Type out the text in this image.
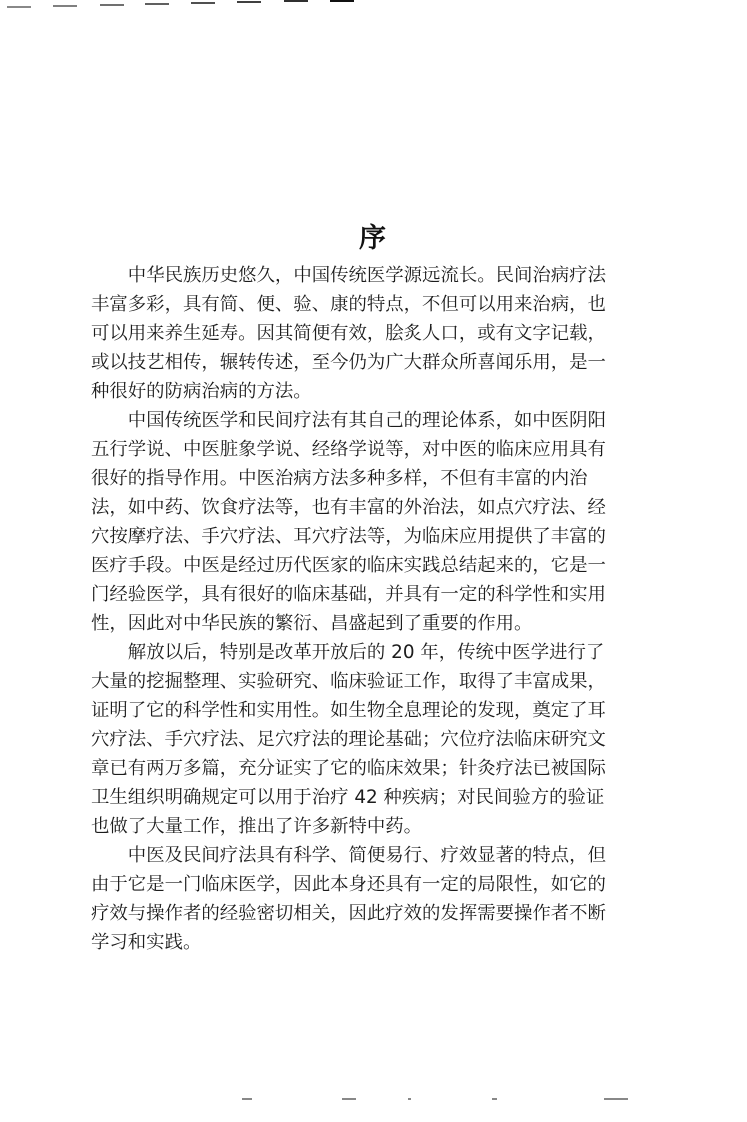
序

中华民族历史悠久，中国传统医学源远流长。民间治病疗法
丰富多彩，具有简、便、验、康的特点，不但可以用来治病，也
可以用来养生延寿。因其简便有效，脍炙人口，或有文字记载，
或以技艺相传，辗转传述，至今仍为广大群众所喜闻乐用，是一
种很好的防病治病的方法。

中国传统医学和民间疗法有其自己的理论体系，如中医阴阳
五行学说、中医脏象学说、经络学说等，对中医的临床应用具有
很好的指导作用。中医治病方法多种多样，不但有丰富的内治
法，如中药、饮食疗法等，也有丰富的外治法，如点穴疗法、经
穴按摩疗法、手穴疗法、耳穴疗法等，为临床应用提供了丰富的
医疗手段。中医是经过历代医家的临床实践总结起来的，它是一
门经验医学，具有很好的临床基础，并具有一定的科学性和实用
性，因此对中华民族的繁衍、昌盛起到了重要的作用。

解放以后，特别是改革开放后的 20 年，传统中医学进行了
大量的挖掘整理、实验研究、临床验证工作，取得了丰富成果，
证明了它的科学性和实用性。如生物全息理论的发现，奠定了耳
穴疗法、手穴疗法、足穴疗法的理论基础；穴位疗法临床研究文
章已有两万多篇，充分证实了它的临床效果；针灸疗法已被国际
卫生组织明确规定可以用于治疗 42 种疾病；对民间验方的验证
也做了大量工作，推出了许多新特中药。

中医及民间疗法具有科学、简便易行、疗效显著的特点，但
由于它是一门临床医学，因此本身还具有一定的局限性，如它的
疗效与操作者的经验密切相关，因此疗效的发挥需要操作者不断
学习和实践。
